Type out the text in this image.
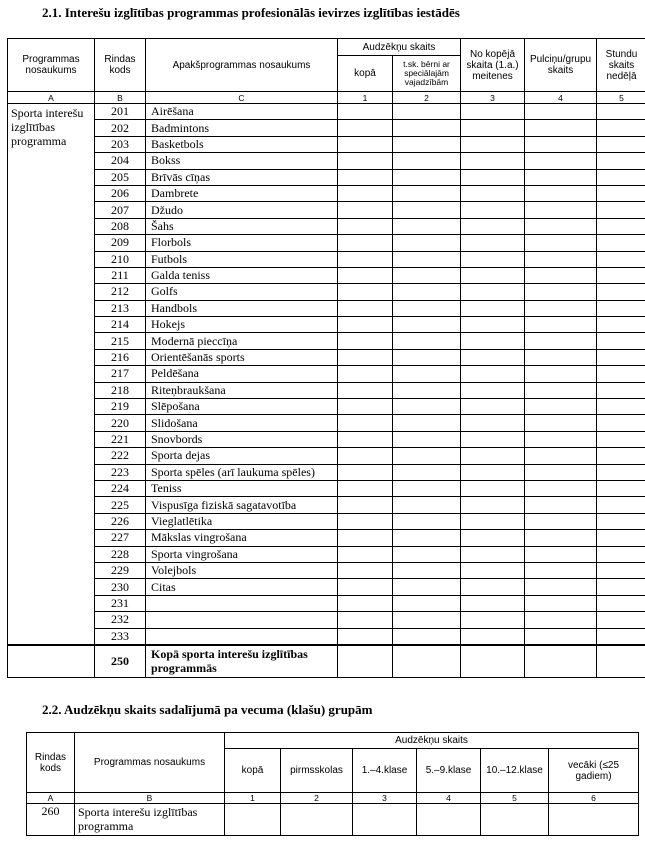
2.1. Interešu izglītības programmas profesionālās ievirzes izglītības iestādēs
Programmas nosaukums	Rindas kods	Apakšprogrammas nosaukums	Audzēkņu skaits		No kopējā skaita (1.a.) meitenes	Pulciņu/grupu skaits	Stundu skaits nedēļā
			kopā	t.sk. bērni ar speciālajām vajadzībām			
A	B	C	1	2	3	4	5
Sporta interešu izglītības programma	201	Airēšana					
	202	Badmintons					
	203	Basketbols					
	204	Bokss					
	205	Brīvās cīņas					
	206	Dambrete					
	207	Džudo					
	208	Šahs					
	209	Florbols					
	210	Futbols					
	211	Galda teniss					
	212	Golfs					
	213	Handbols					
	214	Hokejs					
	215	Modernā pieccīņa					
	216	Orientēšanās sports					
	217	Peldēšana					
	218	Riteņbraukšana					
	219	Slēpošana					
	220	Slidošana					
	221	Snovbords					
	222	Sporta dejas					
	223	Sporta spēles (arī laukuma spēles)					
	224	Teniss					
	225	Vispusīga fiziskā sagatavotība					
	226	Vieglatlētika					
	227	Mākslas vingrošana					
	228	Sporta vingrošana					
	229	Volejbols					
	230	Citas					
	231						
	232						
	233						
	250	Kopā sporta interešu izglītības programmās					
2.2. Audzēkņu skaits sadalījumā pa vecuma (klašu) grupām
Rindas kods	Programmas nosaukums	Audzēkņu skaits					
		kopā	pirmsskolas	1.–4.klase	5.–9.klase	10.–12.klase	vecāki (≤25 gadiem)
A	B	1	2	3	4	5	6
260	Sporta interešu izglītības programma						
